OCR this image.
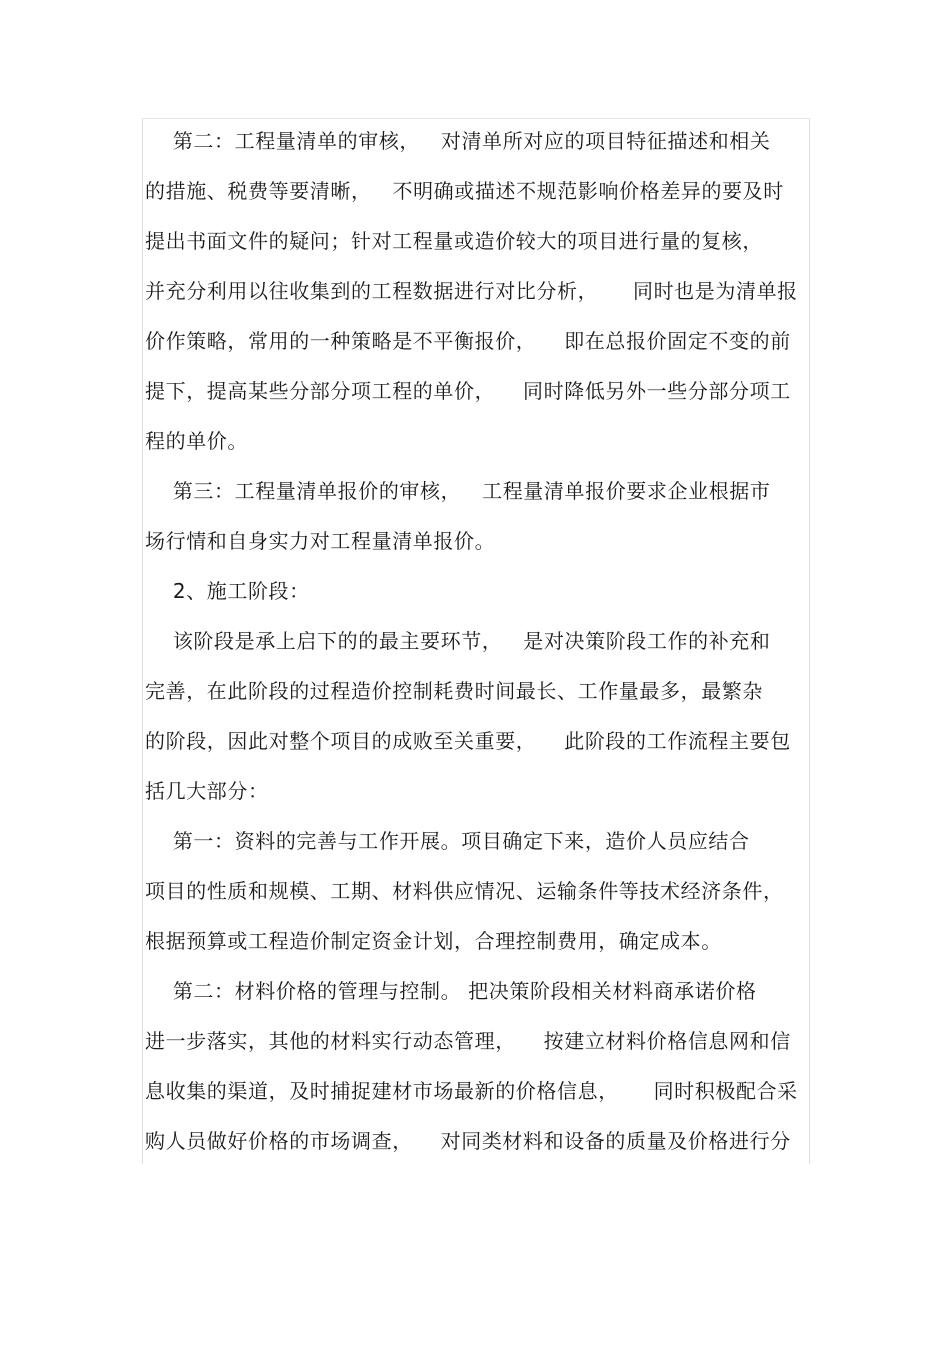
第二：工程量清单的审核，   对清单所对应的项目特征描述和相关
的措施、税费等要清晰，   不明确或描述不规范影响价格差异的要及时
提出书面文件的疑问；针对工程量或造价较大的项目进行量的复核，
并充分利用以往收集到的工程数据进行对比分析，     同时也是为清单报
价作策略，常用的一种策略是不平衡报价，    即在总报价固定不变的前
提下，提高某些分部分项工程的单价，    同时降低另外一些分部分项工
程的单价。
第三：工程量清单报价的审核，   工程量清单报价要求企业根据市
场行情和自身实力对工程量清单报价。
2、施工阶段：
该阶段是承上启下的的最主要环节，   是对决策阶段工作的补充和
完善，在此阶段的过程造价控制耗费时间最长、工作量最多，最繁杂
的阶段，因此对整个项目的成败至关重要，    此阶段的工作流程主要包
括几大部分：
第一：资料的完善与工作开展。项目确定下来，造价人员应结合
项目的性质和规模、工期、材料供应情况、运输条件等技术经济条件，
根据预算或工程造价制定资金计划，合理控制费用，确定成本。
第二：材料价格的管理与控制。 把决策阶段相关材料商承诺价格
进一步落实，其他的材料实行动态管理，    按建立材料价格信息网和信
息收集的渠道，及时捕捉建材市场最新的价格信息，     同时积极配合采
购人员做好价格的市场调查，    对同类材料和设备的质量及价格进行分
